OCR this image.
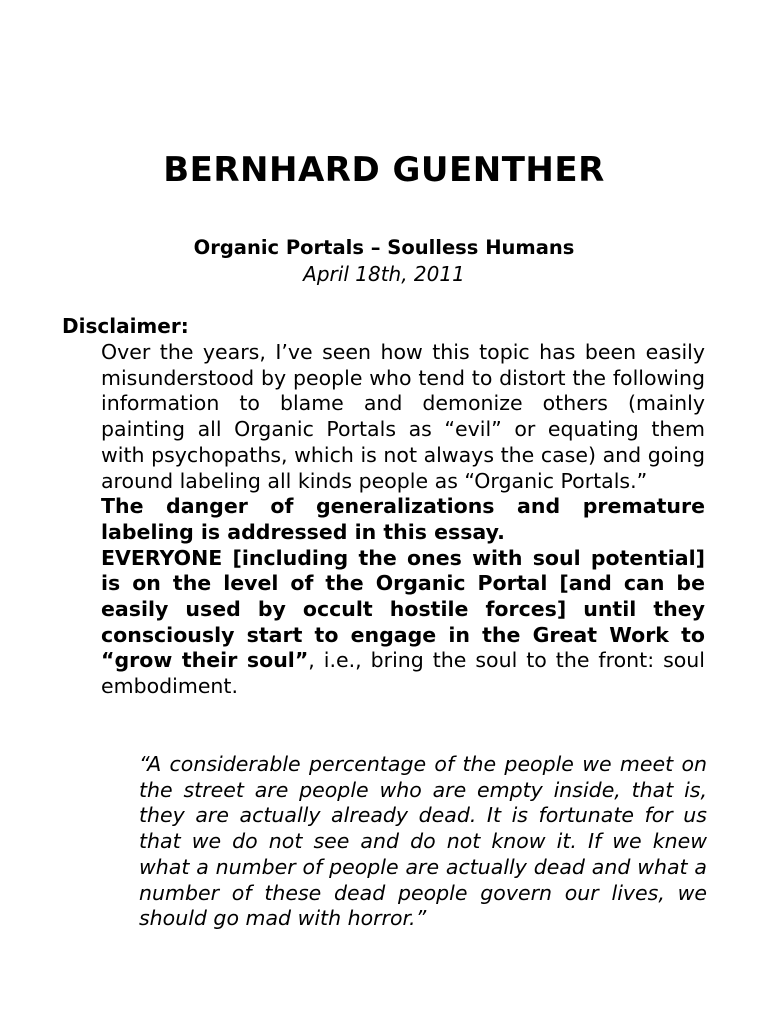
BERNHARD GUENTHER
Organic Portals – Soulless Humans
April 18th, 2011
Disclaimer:

Over the years, I’ve seen how this topic has been easily misunderstood by people who tend to distort the following information to blame and demonize others (mainly painting all Organic Portals as “evil” or equating them with psychopaths, which is not always the case) and going around labeling all kinds people as “Organic Portals.”

The danger of generalizations and premature labeling is addressed in this essay.

EVERYONE [including the ones with soul potential] is on the level of the Organic Portal [and can be easily used by occult hostile forces] until they consciously start to engage in the Great Work to “grow their soul”, i.e., bring the soul to the front: soul embodiment.

“A considerable percentage of the people we meet on the street are people who are empty inside, that is, they are actually already dead. It is fortunate for us that we do not see and do not know it. If we knew what a number of people are actually dead and what a number of these dead people govern our lives, we should go mad with horror.”
